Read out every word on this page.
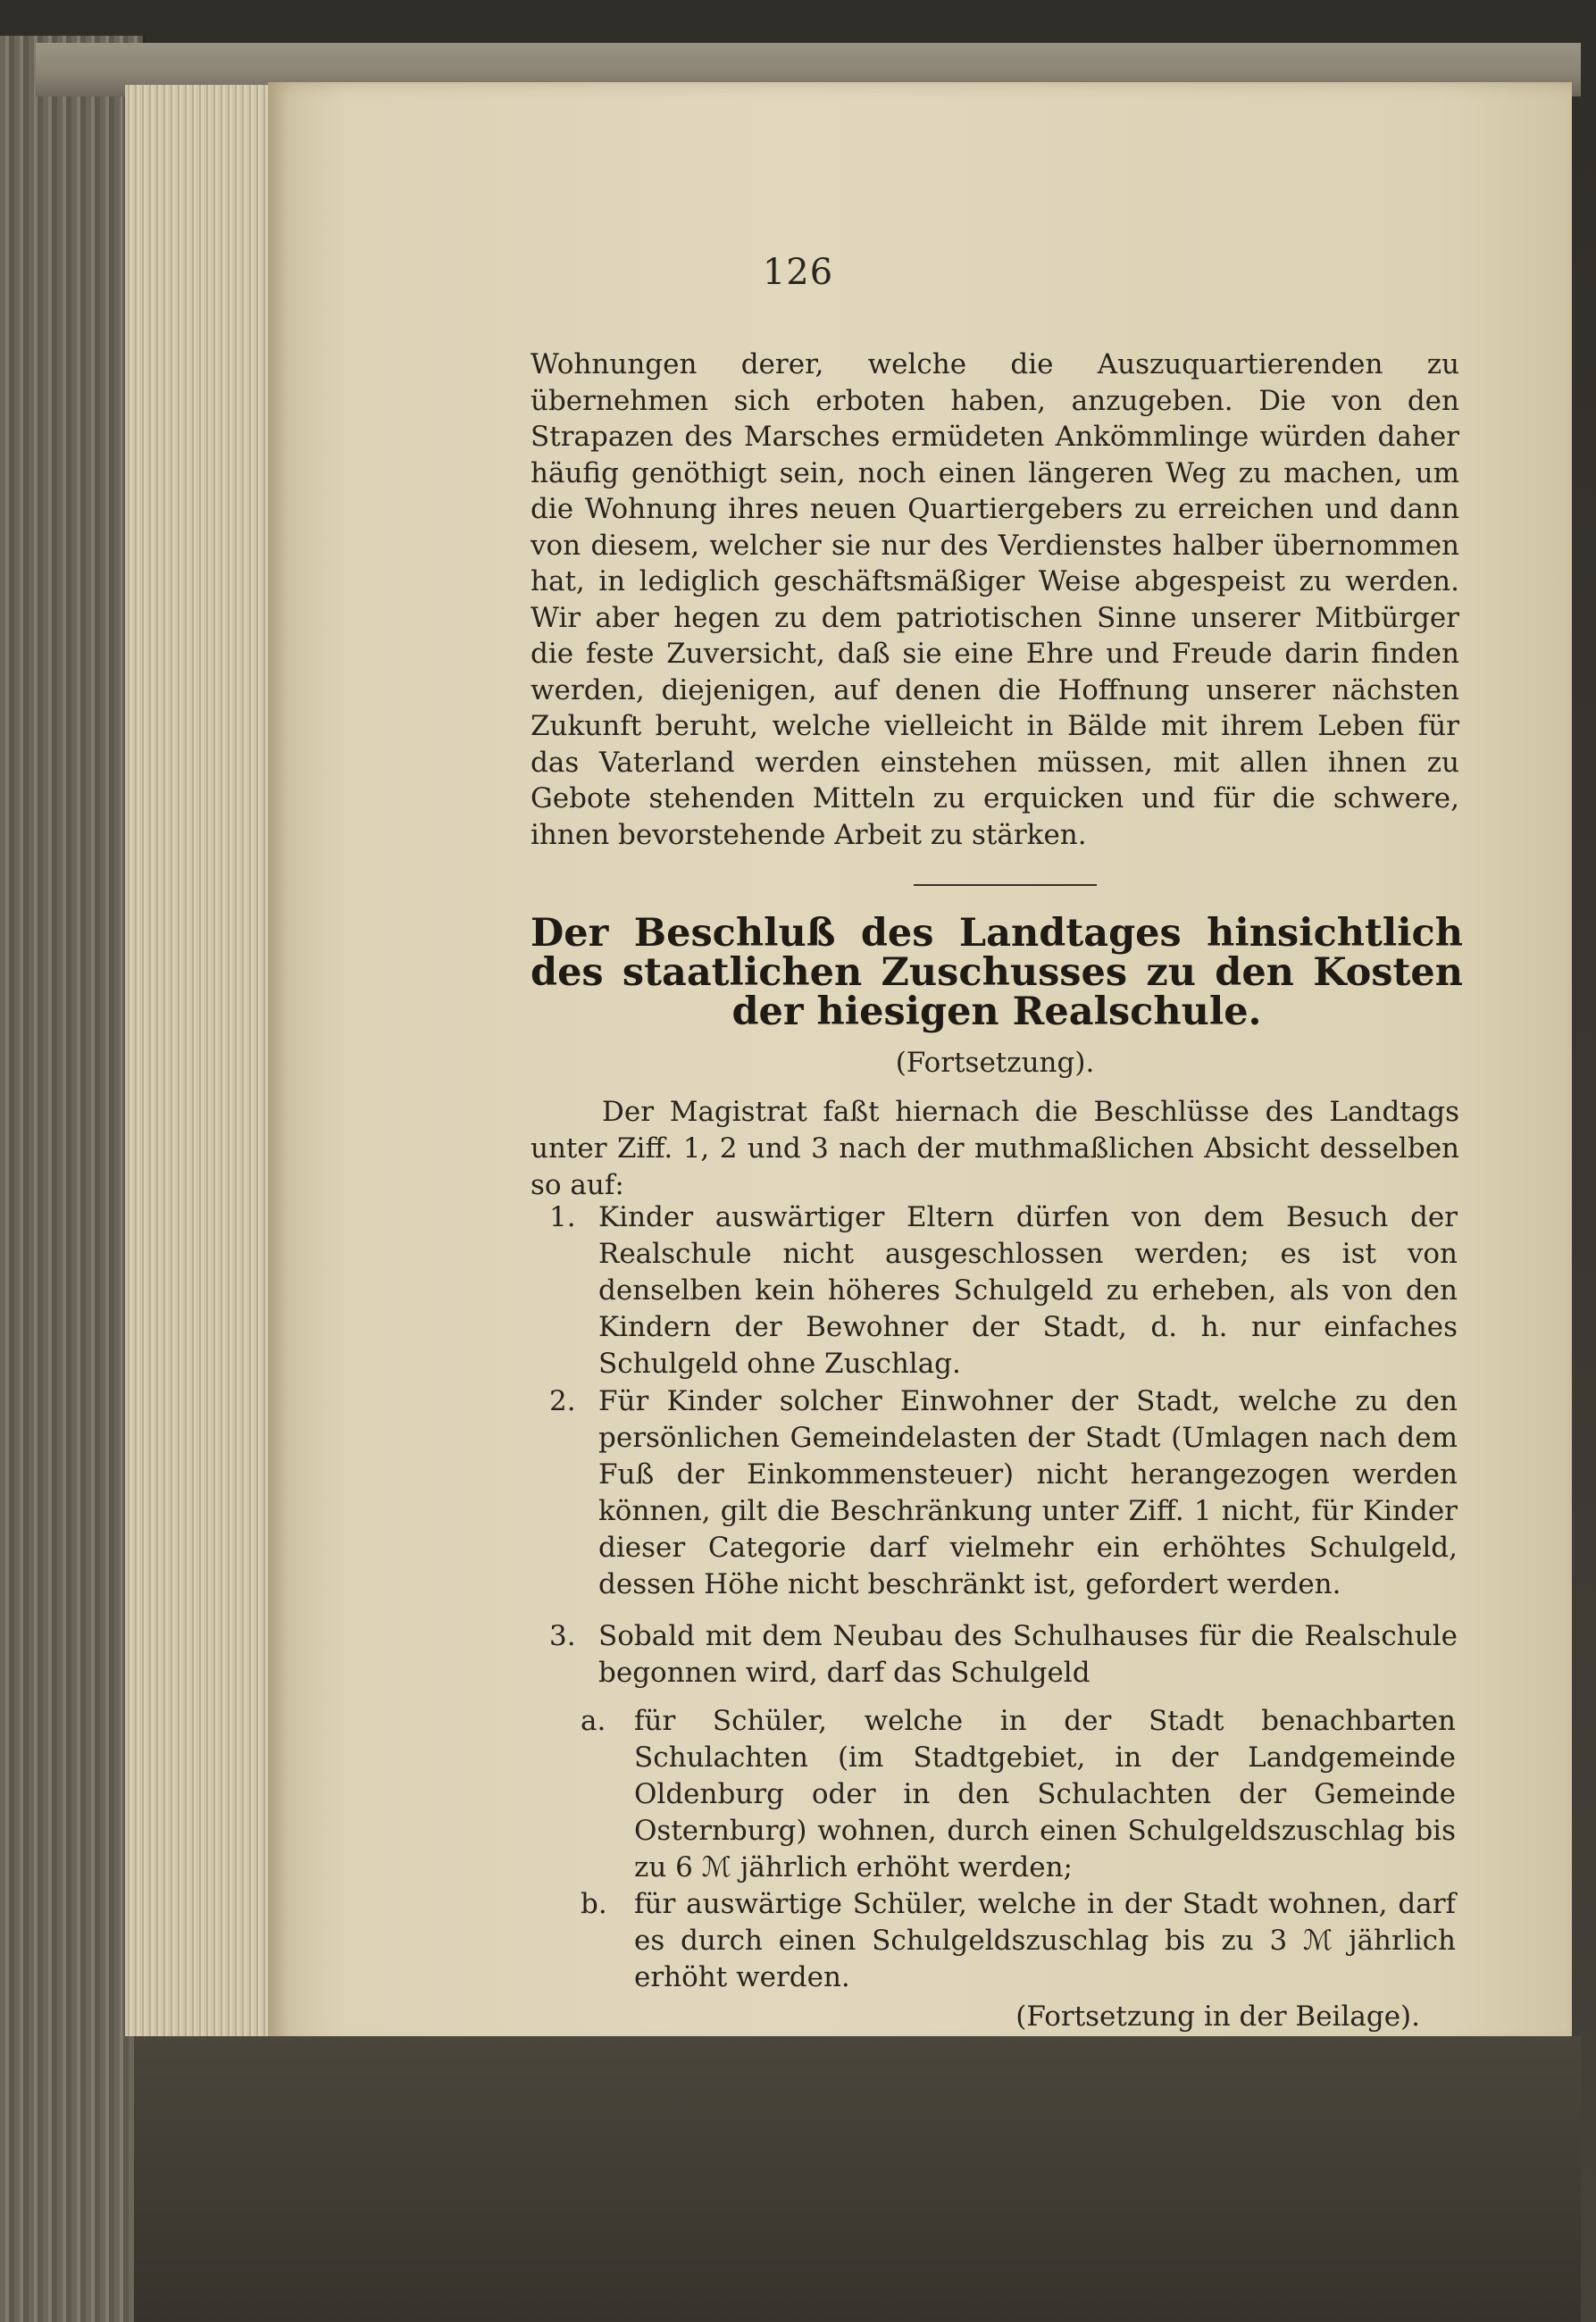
126

Wohnungen derer, welche die Auszuquartierenden zu übernehmen sich erboten haben, anzugeben. Die von den Strapazen des Marsches ermüdeten Ankömmlinge würden daher häufig genöthigt sein, noch einen längeren Weg zu machen, um die Wohnung ihres neuen Quartiergebers zu erreichen und dann von diesem, welcher sie nur des Verdienstes halber übernommen hat, in lediglich geschäftsmäßiger Weise abgespeist zu werden. Wir aber hegen zu dem patriotischen Sinne unserer Mitbürger die feste Zuversicht, daß sie eine Ehre und Freude darin finden werden, diejenigen, auf denen die Hoffnung unserer nächsten Zukunft beruht, welche vielleicht in Bälde mit ihrem Leben für das Vaterland werden einstehen müssen, mit allen ihnen zu Gebote stehenden Mitteln zu erquicken und für die schwere, ihnen bevorstehende Arbeit zu stärken.

Der Beschluß des Landtages hinsichtlich des staatlichen Zuschusses zu den Kosten der hiesigen Realschule.

(Fortsetzung).

Der Magistrat faßt hiernach die Beschlüsse des Landtags unter Ziff. 1, 2 und 3 nach der muthmaßlichen Absicht desselben so auf:

1. Kinder auswärtiger Eltern dürfen von dem Besuch der Realschule nicht ausgeschlossen werden; es ist von denselben kein höheres Schulgeld zu erheben, als von den Kindern der Bewohner der Stadt, d. h. nur einfaches Schulgeld ohne Zuschlag.

2. Für Kinder solcher Einwohner der Stadt, welche zu den persönlichen Gemeindelasten der Stadt (Umlagen nach dem Fuß der Einkommensteuer) nicht herangezogen werden können, gilt die Beschränkung unter Ziff. 1 nicht, für Kinder dieser Categorie darf vielmehr ein erhöhtes Schulgeld, dessen Höhe nicht beschränkt ist, gefordert werden.

3. Sobald mit dem Neubau des Schulhauses für die Realschule begonnen wird, darf das Schulgeld

a. für Schüler, welche in der Stadt benachbarten Schulachten (im Stadtgebiet, in der Landgemeinde Oldenburg oder in den Schulachten der Gemeinde Osternburg) wohnen, durch einen Schulgeldszuschlag bis zu 6 ℳ jährlich erhöht werden;

b. für auswärtige Schüler, welche in der Stadt wohnen, darf es durch einen Schulgeldszuschlag bis zu 3 ℳ jährlich erhöht werden.

(Fortsetzung in der Beilage).
